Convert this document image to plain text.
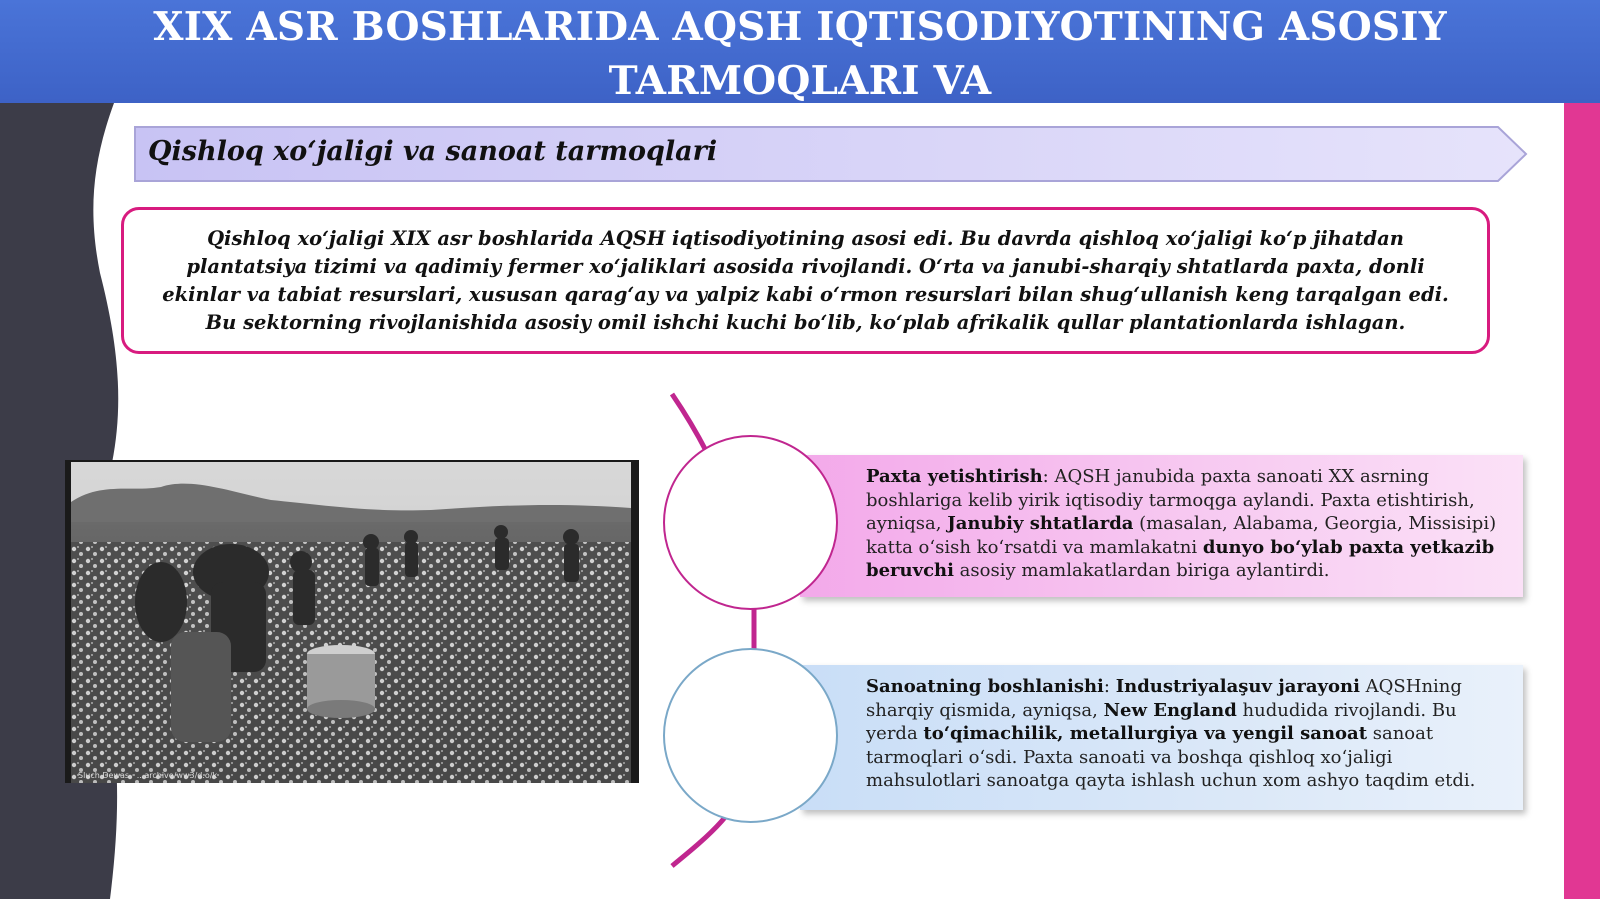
XIX ASR BOSHLARIDA AQSH IQTISODIYOTINING ASOSIY TARMOQLARI VA
Qishloq xo‘jaligi va sanoat tarmoqlari
Qishloq xo‘jaligi XIX asr boshlarida AQSH iqtisodiyotining asosi edi. Bu davrda qishloq xo‘jaligi ko‘p jihatdan plantatsiya tizimi va qadimiy fermer xo‘jaliklari asosida rivojlandi. O‘rta va janubi-sharqiy shtatlarda paxta, donli ekinlar va tabiat resurslari, xususan qarag‘ay va yalpiz kabi o‘rmon resurslari bilan shug‘ullanish keng tarqalgan edi. Bu sektorning rivojlanishida asosiy omil ishchi kuchi bo‘lib, ko‘plab afrikalik qullar plantationlarda ishlagan.
Sluch Dewas · ...archive/ww3/d.o/k
Paxta yetishtirish: AQSH janubida paxta sanoati XX asrning boshlariga kelib yirik iqtisodiy tarmoqga aylandi. Paxta etishtirish, ayniqsa, Janubiy shtatlarda (masalan, Alabama, Georgia, Missisipi) katta o‘sish ko‘rsatdi va mamlakatni dunyo bo‘ylab paxta yetkazib beruvchi asosiy mamlakatlardan biriga aylantirdi.
Sanoatning boshlanishi: Industriyalaşuv jarayoni AQSHning sharqiy qismida, ayniqsa, New England hududida rivojlandi. Bu yerda to‘qimachilik, metallurgiya va yengil sanoat sanoat tarmoqlari o‘sdi. Paxta sanoati va boshqa qishloq xo‘jaligi mahsulotlari sanoatga qayta ishlash uchun xom ashyo taqdim etdi.
